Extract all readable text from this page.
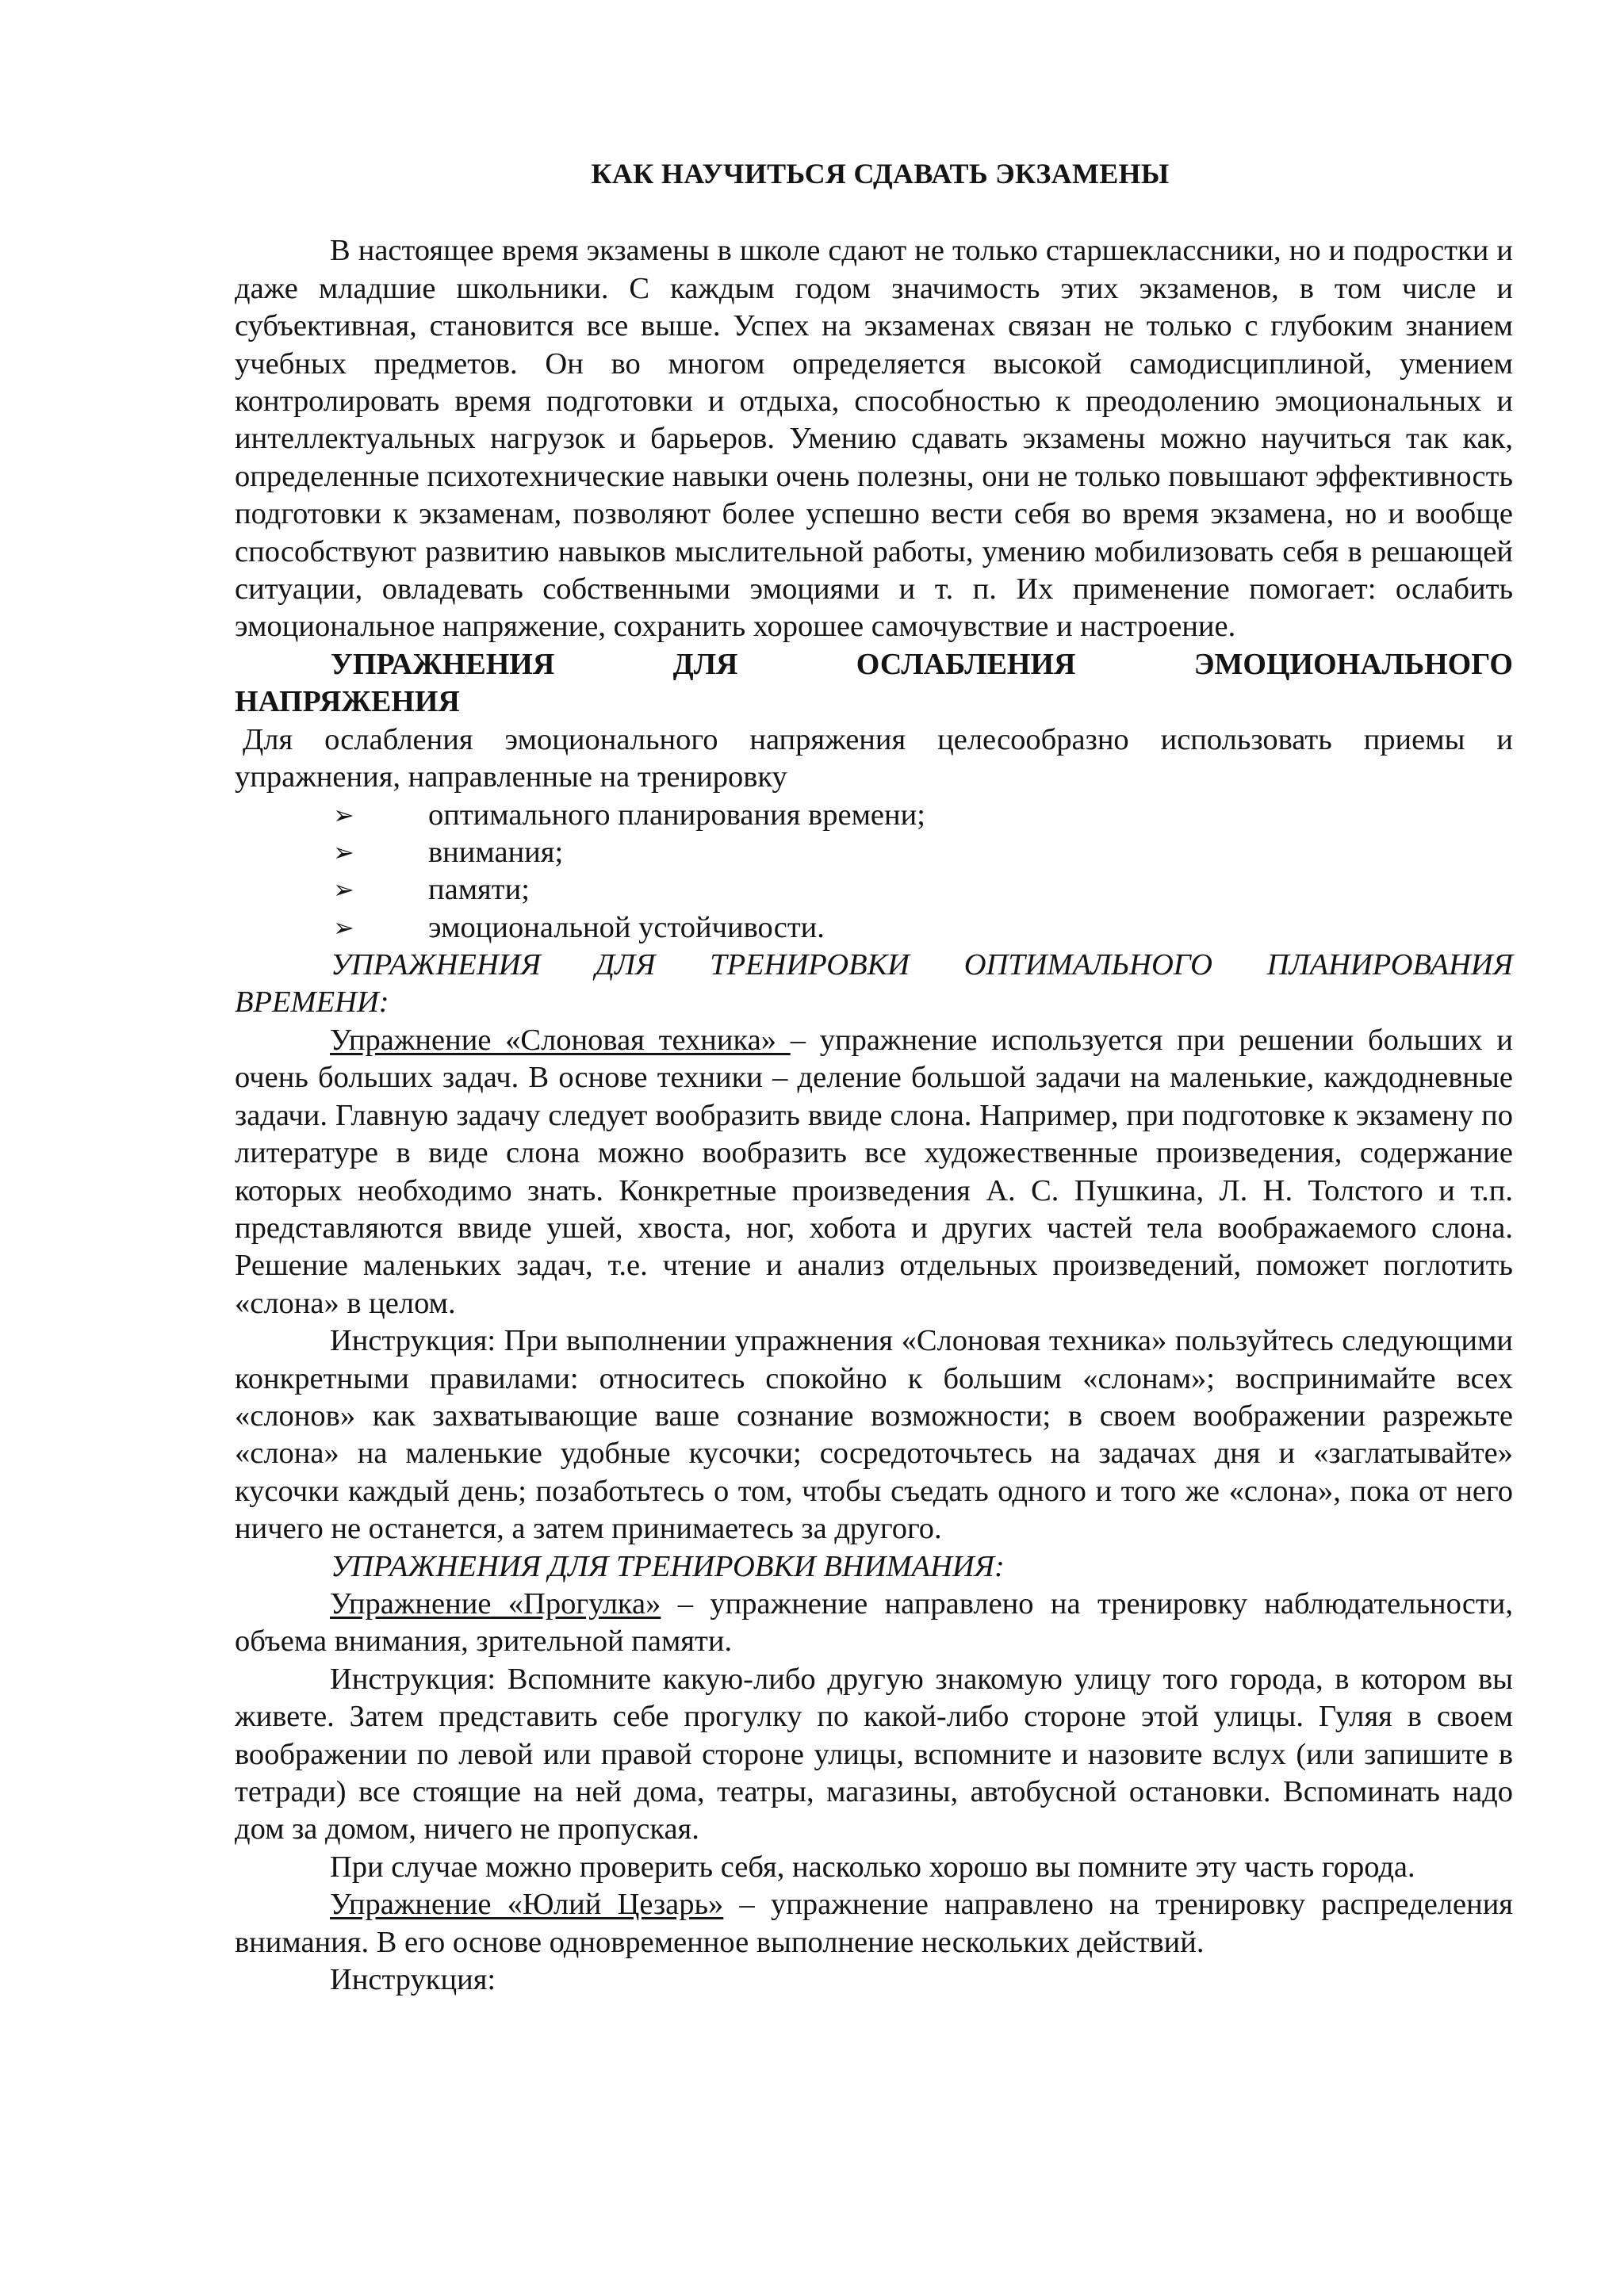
КАК НАУЧИТЬСЯ СДАВАТЬ ЭКЗАМЕНЫ

В настоящее время экзамены в школе сдают не только старшеклассники, но и подростки и даже младшие школьники. С каждым годом значимость этих экзаменов, в том числе и субъективная, становится все выше. Успех на экзаменах связан не только с глубоким знанием учебных предметов. Он во многом определяется высокой самодисциплиной, умением контролировать время подготовки и отдыха, способностью к преодолению эмоциональных и интеллектуальных нагрузок и барьеров. Умению сдавать экзамены можно научиться так как, определенные психотехнические навыки очень полезны, они не только повышают эффективность подготовки к экзаменам, позволяют более успешно вести себя во время экзамена, но и вообще способствуют развитию навыков мыслительной работы, умению мобилизовать себя в решающей ситуации, овладевать собственными эмоциями и т. п. Их применение помогает: ослабить эмоциональное напряжение, сохранить хорошее самочувствие и настроение.

УПРАЖНЕНИЯ ДЛЯ ОСЛАБЛЕНИЯ ЭМОЦИОНАЛЬНОГО
НАПРЯЖЕНИЯ

Для ослабления эмоционального напряжения целесообразно использовать приемы и упражнения, направленные на тренировку

➢ оптимального планирования времени;
➢ внимания;
➢ памяти;
➢ эмоциональной устойчивости.
УПРАЖНЕНИЯ ДЛЯ ТРЕНИРОВКИ ОПТИМАЛЬНОГО ПЛАНИРОВАНИЯ
ВРЕМЕНИ:

Упражнение «Слоновая техника» – упражнение используется при решении больших и очень больших задач. В основе техники – деление большой задачи на маленькие, каждодневные задачи. Главную задачу следует вообразить ввиде слона. Например, при подготовке к экзамену по литературе в виде слона можно вообразить все художественные произведения, содержание которых необходимо знать. Конкретные произведения А. С. Пушкина, Л. Н. Толстого и т.п. представляются ввиде ушей, хвоста, ног, хобота и других частей тела воображаемого слона. Решение маленьких задач, т.е. чтение и анализ отдельных произведений, поможет поглотить «слона» в целом.

Инструкция: При выполнении упражнения «Слоновая техника» пользуйтесь следующими конкретными правилами: относитесь спокойно к большим «слонам»; воспринимайте всех «слонов» как захватывающие ваше сознание возможности; в своем воображении разрежьте «слона» на маленькие удобные кусочки; сосредоточьтесь на задачах дня и «заглатывайте» кусочки каждый день; позаботьтесь о том, чтобы съедать одного и того же «слона», пока от него ничего не останется, а затем принимаетесь за другого.

УПРАЖНЕНИЯ ДЛЯ ТРЕНИРОВКИ ВНИМАНИЯ:

Упражнение «Прогулка» – упражнение направлено на тренировку наблюдательности, объема внимания, зрительной памяти.

Инструкция: Вспомните какую-либо другую знакомую улицу того города, в котором вы живете. Затем представить себе прогулку по какой-либо стороне этой улицы. Гуляя в своем воображении по левой или правой стороне улицы, вспомните и назовите вслух (или запишите в тетради) все стоящие на ней дома, театры, магазины, автобусной остановки. Вспоминать надо дом за домом, ничего не пропуская.

При случае можно проверить себя, насколько хорошо вы помните эту часть города.

Упражнение «Юлий Цезарь» – упражнение направлено на тренировку распределения внимания. В его основе одновременное выполнение нескольких действий.

Инструкция:
